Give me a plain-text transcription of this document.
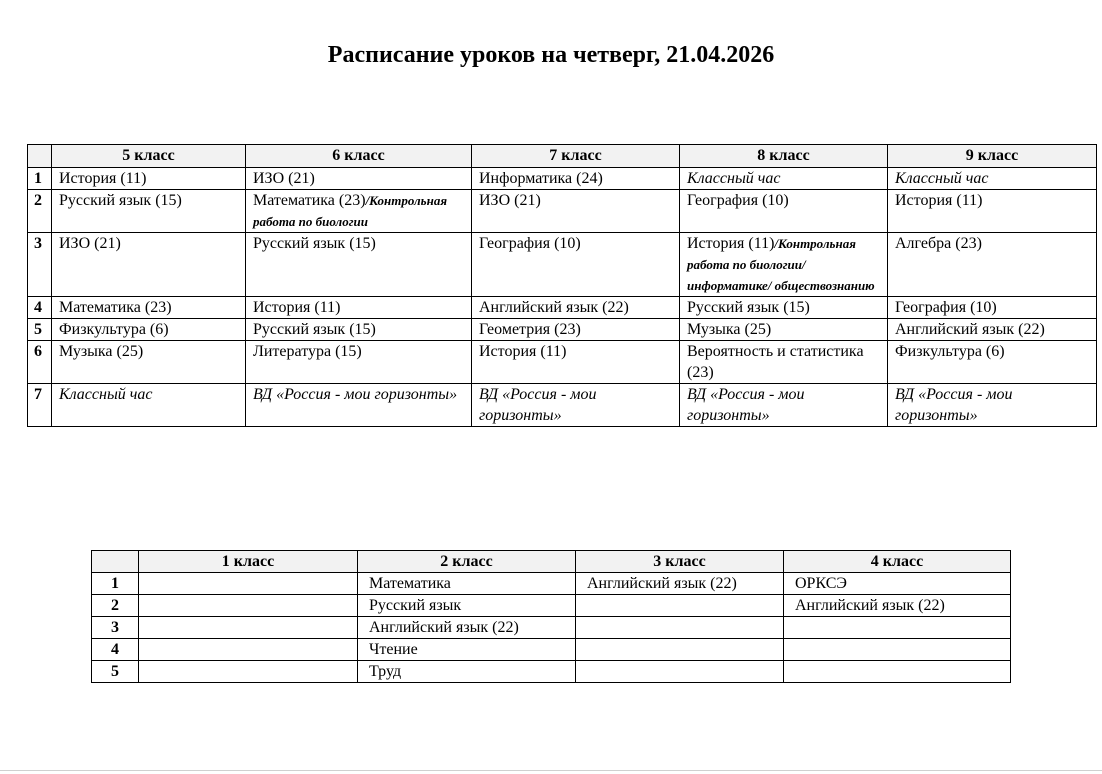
Расписание уроков на четверг, 21.04.2026
	5 класс	6 класс	7 класс	8 класс	9 класс
1	История (11)	ИЗО (21)	Информатика (24)	Классный час	Классный час
2	Русский язык (15)	Математика (23)/Контрольная работа по биологии	ИЗО (21)	География (10)	История (11)
3	ИЗО (21)	Русский язык (15)	География (10)	История (11)/Контрольная работа по биологии/информатике/ обществознанию	Алгебра (23)
4	Математика (23)	История (11)	Английский язык (22)	Русский язык (15)	География (10)
5	Физкультура (6)	Русский язык (15)	Геометрия (23)	Музыка (25)	Английский язык (22)
6	Музыка (25)	Литература (15)	История (11)	Вероятность и статистика (23)	Физкультура (6)
7	Классный час	ВД «Россия - мои горизонты»	ВД «Россия - мои горизонты»	ВД «Россия - мои горизонты»	ВД «Россия - мои горизонты»
	1 класс	2 класс	3 класс	4 класс
1		Математика	Английский язык (22)	ОРКСЭ
2		Русский язык		Английский язык (22)
3		Английский язык (22)		
4		Чтение		
5		Труд		
